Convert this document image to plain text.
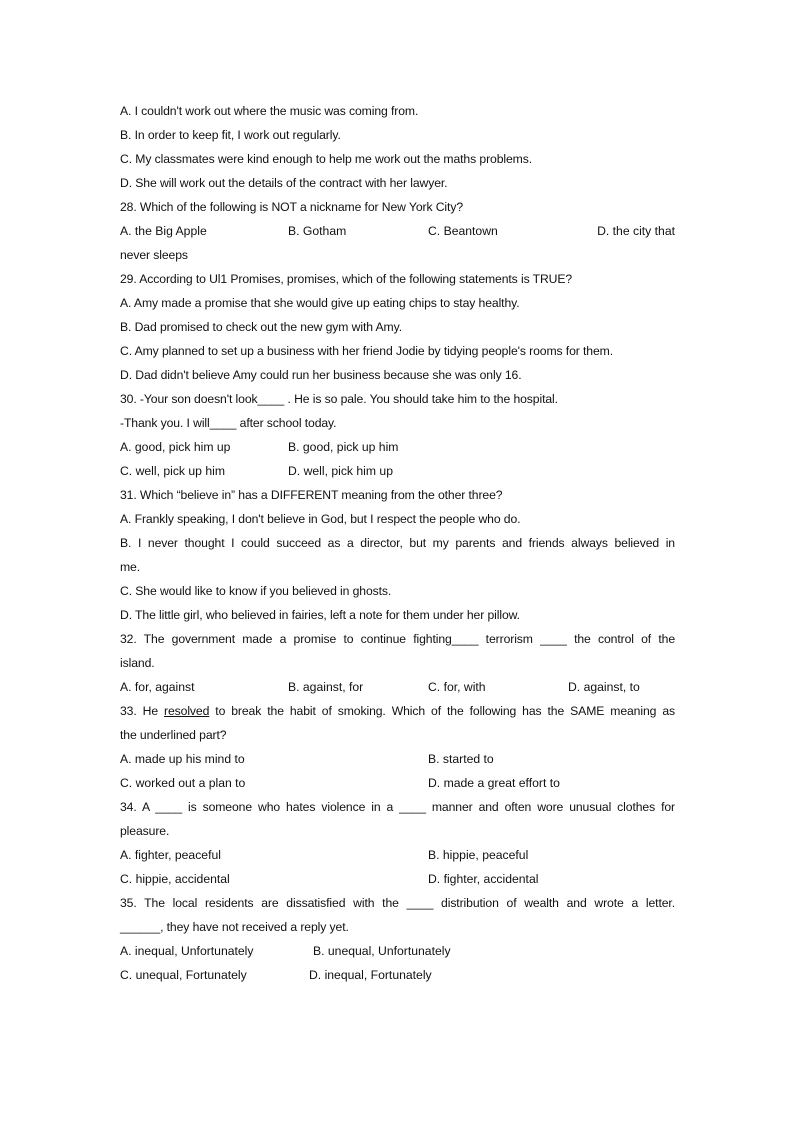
A. I couldn't work out where the music was coming from.
B. In order to keep fit, I work out regularly.
C. My classmates were kind enough to help me work out the maths problems.
D. She will work out the details of the contract with her lawyer.
28. Which of the following is NOT a nickname for New York City?
A. the Big Apple	B. Gotham	C. Beantown	D. the city that
never sleeps
29. According to Ul1 Promises, promises, which of the following statements is TRUE?
A. Amy made a promise that she would give up eating chips to stay healthy.
B. Dad promised to check out the new gym with Amy.
C. Amy planned to set up a business with her friend Jodie by tidying people's rooms for them.
D. Dad didn't believe Amy could run her business because she was only 16.
30. -Your son doesn't look____ . He is so pale. You should take him to the hospital.
-Thank you. I will____ after school today.
A. good, pick him up	B. good, pick up him
C. well, pick up him	D. well, pick him up
31. Which “believe in” has a DIFFERENT meaning from the other three?
A. Frankly speaking, I don't believe in God, but I respect the people who do.
B. I never thought I could succeed as a director, but my parents and friends always believed in
me.
C. She would like to know if you believed in ghosts.
D. The little girl, who believed in fairies, left a note for them under her pillow.
32. The government made a promise to continue fighting____ terrorism ____ the control of the
island.
A. for, against	B. against, for	C. for, with	D. against, to
33. He resolved to break the habit of smoking. Which of the following has the SAME meaning as
the underlined part?
A. made up his mind to	B. started to
C. worked out a plan to	D. made a great effort to
34. A ____ is someone who hates violence in a ____ manner and often wore unusual clothes for
pleasure.
A. fighter, peaceful	B. hippie, peaceful
C. hippie, accidental	D. fighter, accidental
35. The local residents are dissatisfied with the ____ distribution of wealth and wrote a letter.
______, they have not received a reply yet.
A. inequal, Unfortunately	B. unequal, Unfortunately
C. unequal, Fortunately	D. inequal, Fortunately
